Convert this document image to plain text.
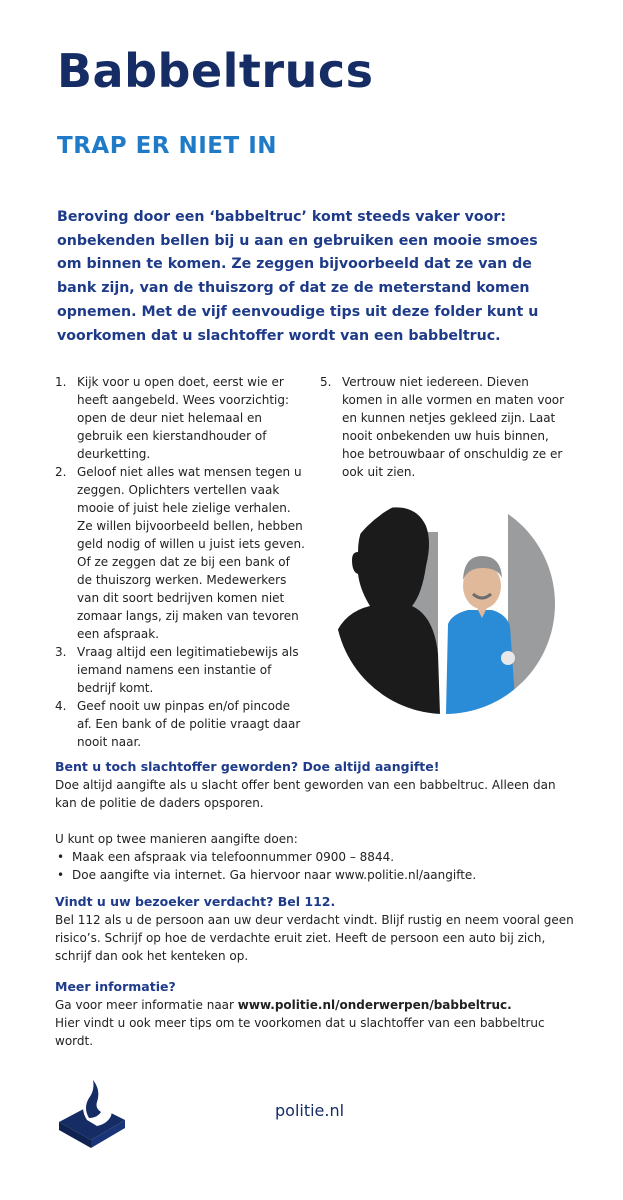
Babbeltrucs
TRAP ER NIET IN

Beroving door een ‘babbeltruc’ komt steeds vaker voor: onbekenden bellen bij u aan en gebruiken een mooie smoes om binnen te komen. Ze zeggen bijvoorbeeld dat ze van de bank zijn, van de thuiszorg of dat ze de meterstand komen opnemen. Met de vijf eenvoudige tips uit deze folder kunt u voorkomen dat u slachtoffer wordt van een babbeltruc.

1. Kijk voor u open doet, eerst wie er heeft aangebeld. Wees voorzichtig: open de deur niet helemaal en gebruik een kierstandhouder of deurketting.
2. Geloof niet alles wat mensen tegen u zeggen. Oplichters vertellen vaak mooie of juist hele zielige verhalen. Ze willen bijvoorbeeld bellen, hebben geld nodig of willen u juist iets geven. Of ze zeggen dat ze bij een bank of de thuiszorg werken. Medewerkers van dit soort bedrijven komen niet zomaar langs, zij maken van tevoren een afspraak.
3. Vraag altijd een legitimatiebewijs als iemand namens een instantie of bedrijf komt.
4. Geef nooit uw pinpas en/of pincode af. Een bank of de politie vraagt daar nooit naar.
5. Vertrouw niet iedereen. Dieven komen in alle vormen en maten voor en kunnen netjes gekleed zijn. Laat nooit onbekenden uw huis binnen, hoe betrouwbaar of onschuldig ze er ook uit zien.
Bent u toch slachtoffer geworden? Doe altijd aangifte!

Doe altijd aangifte als u slacht offer bent geworden van een babbeltruc. Alleen dan kan de politie de daders opsporen.

U kunt op twee manieren aangifte doen:

• Maak een afspraak via telefoonnummer 0900 – 8844.
• Doe aangifte via internet. Ga hiervoor naar www.politie.nl/aangifte.
Vindt u uw bezoeker verdacht? Bel 112.

Bel 112 als u de persoon aan uw deur verdacht vindt. Blijf rustig en neem vooral geen risico’s. Schrijf op hoe de verdachte eruit ziet. Heeft de persoon een auto bij zich, schrijf dan ook het kenteken op.

Meer informatie?

Ga voor meer informatie naar www.politie.nl/onderwerpen/babbeltruc.

Hier vindt u ook meer tips om te voorkomen dat u slachtoffer van een babbeltruc wordt.

politie.nl
